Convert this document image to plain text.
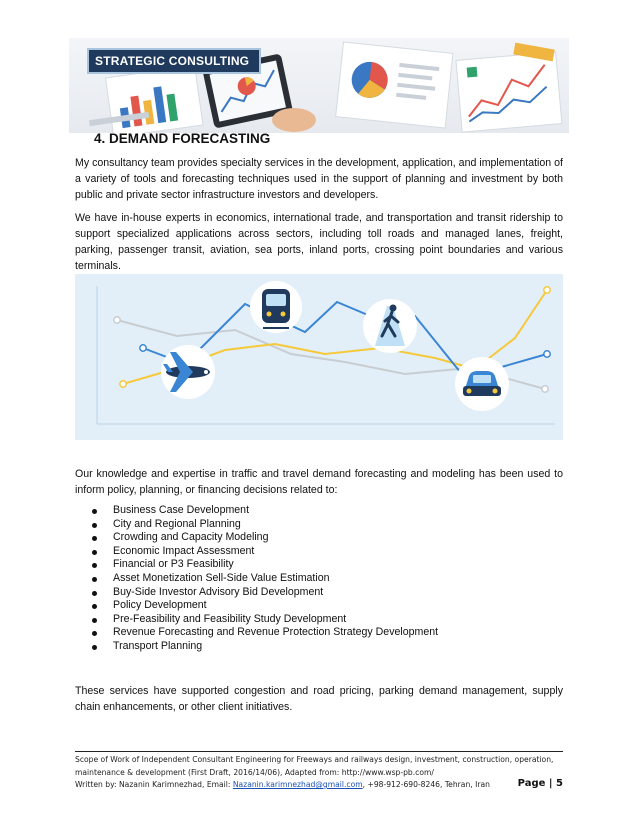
STRATEGIC CONSULTING
4. DEMAND FORECASTING

My consultancy team provides specialty services in the development, application, and implementation of a variety of tools and forecasting techniques used in the support of planning and investment by both public and private sector infrastructure investors and developers.

We have in-house experts in economics, international trade, and transportation and transit ridership to support specialized applications across sectors, including toll roads and managed lanes, freight, parking, passenger transit, aviation, sea ports, inland ports, crossing point boundaries and various terminals.

Our knowledge and expertise in traffic and travel demand forecasting and modeling has been used to inform policy, planning, or financing decisions related to:

Business Case Development
City and Regional Planning
Crowding and Capacity Modeling
Economic Impact Assessment
Financial or P3 Feasibility
Asset Monetization Sell-Side Value Estimation
Buy-Side Investor Advisory Bid Development
Policy Development
Pre-Feasibility and Feasibility Study Development
Revenue Forecasting and Revenue Protection Strategy Development
Transport Planning

These services have supported congestion and road pricing, parking demand management, supply chain enhancements, or other client initiatives.

Scope of Work of Independent Consultant Engineering for Freeways and railways design, investment, construction, operation, maintenance & development (First Draft, 2016/14/06), Adapted from: http://www.wsp-pb.com/
Written by: Nazanin Karimnezhad, Email: Nazanin.karimnezhad@gmail.com, +98-912-690-8246, Tehran, Iran	Page | 5
